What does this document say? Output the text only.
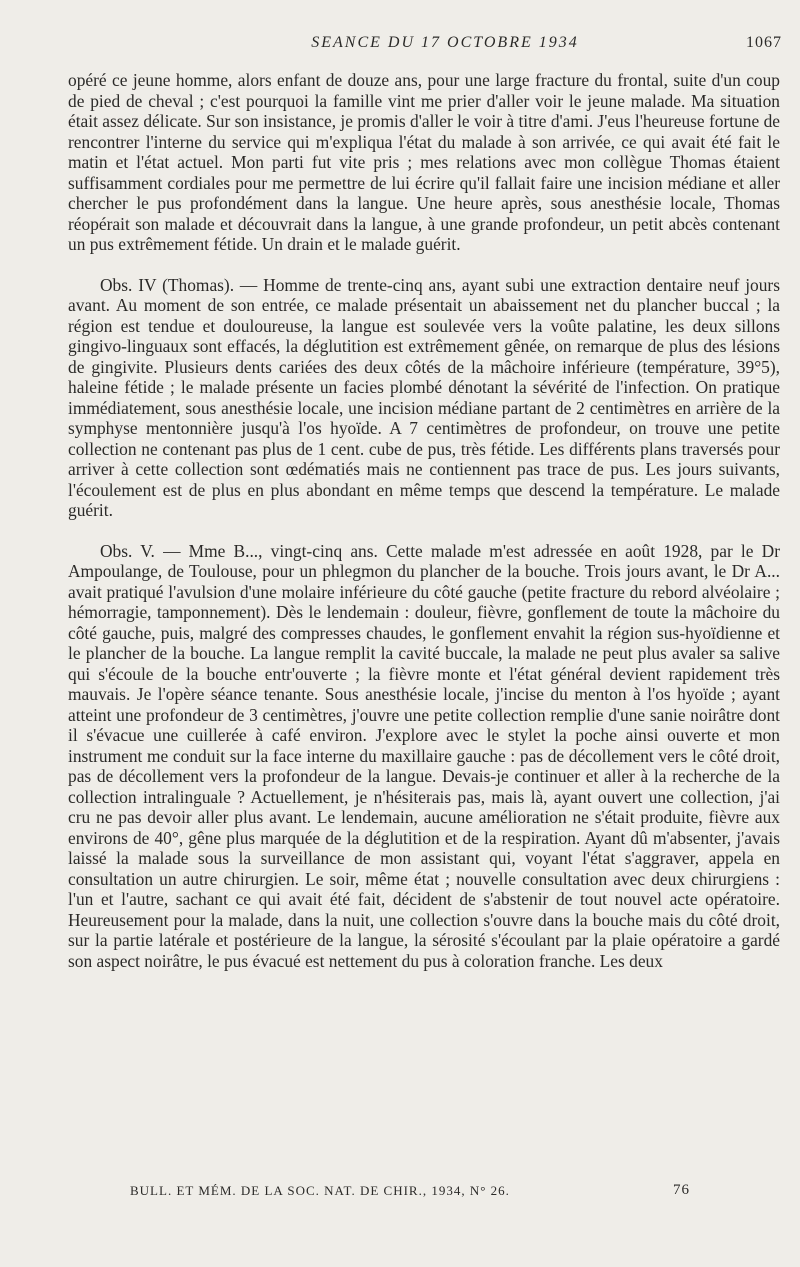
SEANCE DU 17 OCTOBRE 1934	1067

opéré ce jeune homme, alors enfant de douze ans, pour une large fracture du frontal, suite d'un coup de pied de cheval ; c'est pourquoi la famille vint me prier d'aller voir le jeune malade. Ma situation était assez délicate. Sur son insistance, je promis d'aller le voir à titre d'ami. J'eus l'heureuse fortune de rencontrer l'interne du service qui m'expliqua l'état du malade à son arrivée, ce qui avait été fait le matin et l'état actuel. Mon parti fut vite pris ; mes relations avec mon collègue Thomas étaient suffisamment cordiales pour me permettre de lui écrire qu'il fallait faire une incision médiane et aller chercher le pus profondément dans la langue. Une heure après, sous anesthésie locale, Thomas réopérait son malade et découvrait dans la langue, à une grande profondeur, un petit abcès contenant un pus extrêmement fétide. Un drain et le malade guérit.

Obs. IV (Thomas). — Homme de trente-cinq ans, ayant subi une extraction dentaire neuf jours avant. Au moment de son entrée, ce malade présentait un abaissement net du plancher buccal ; la région est tendue et douloureuse, la langue est soulevée vers la voûte palatine, les deux sillons gingivo-linguaux sont effacés, la déglutition est extrêmement gênée, on remarque de plus des lésions de gingivite. Plusieurs dents cariées des deux côtés de la mâchoire inférieure (température, 39°5), haleine fétide ; le malade présente un facies plombé dénotant la sévérité de l'infection. On pratique immédiatement, sous anesthésie locale, une incision médiane partant de 2 centimètres en arrière de la symphyse mentonnière jusqu'à l'os hyoïde. A 7 centimètres de profondeur, on trouve une petite collection ne contenant pas plus de 1 cent. cube de pus, très fétide. Les différents plans traversés pour arriver à cette collection sont œdématiés mais ne contiennent pas trace de pus. Les jours suivants, l'écoulement est de plus en plus abondant en même temps que descend la température. Le malade guérit.

Obs. V. — Mme B..., vingt-cinq ans. Cette malade m'est adressée en août 1928, par le Dr Ampoulange, de Toulouse, pour un phlegmon du plancher de la bouche. Trois jours avant, le Dr A... avait pratiqué l'avulsion d'une molaire inférieure du côté gauche (petite fracture du rebord alvéolaire ; hémorragie, tamponnement). Dès le lendemain : douleur, fièvre, gonflement de toute la mâchoire du côté gauche, puis, malgré des compresses chaudes, le gonflement envahit la région sus-hyoïdienne et le plancher de la bouche. La langue remplit la cavité buccale, la malade ne peut plus avaler sa salive qui s'écoule de la bouche entr'ouverte ; la fièvre monte et l'état général devient rapidement très mauvais. Je l'opère séance tenante. Sous anesthésie locale, j'incise du menton à l'os hyoïde ; ayant atteint une profondeur de 3 centimètres, j'ouvre une petite collection remplie d'une sanie noirâtre dont il s'évacue une cuillerée à café environ. J'explore avec le stylet la poche ainsi ouverte et mon instrument me conduit sur la face interne du maxillaire gauche : pas de décollement vers le côté droit, pas de décollement vers la profondeur de la langue. Devais-je continuer et aller à la recherche de la collection intralinguale ? Actuellement, je n'hésiterais pas, mais là, ayant ouvert une collection, j'ai cru ne pas devoir aller plus avant. Le lendemain, aucune amélioration ne s'était produite, fièvre aux environs de 40°, gêne plus marquée de la déglutition et de la respiration. Ayant dû m'absenter, j'avais laissé la malade sous la surveillance de mon assistant qui, voyant l'état s'aggraver, appela en consultation un autre chirurgien. Le soir, même état ; nouvelle consultation avec deux chirurgiens : l'un et l'autre, sachant ce qui avait été fait, décident de s'abstenir de tout nouvel acte opératoire. Heureusement pour la malade, dans la nuit, une collection s'ouvre dans la bouche mais du côté droit, sur la partie latérale et postérieure de la langue, la sérosité s'écoulant par la plaie opératoire a gardé son aspect noirâtre, le pus évacué est nettement du pus à coloration franche. Les deux

BULL. ET MÉM. DE LA SOC. NAT. DE CHIR., 1934, N° 26.	76
